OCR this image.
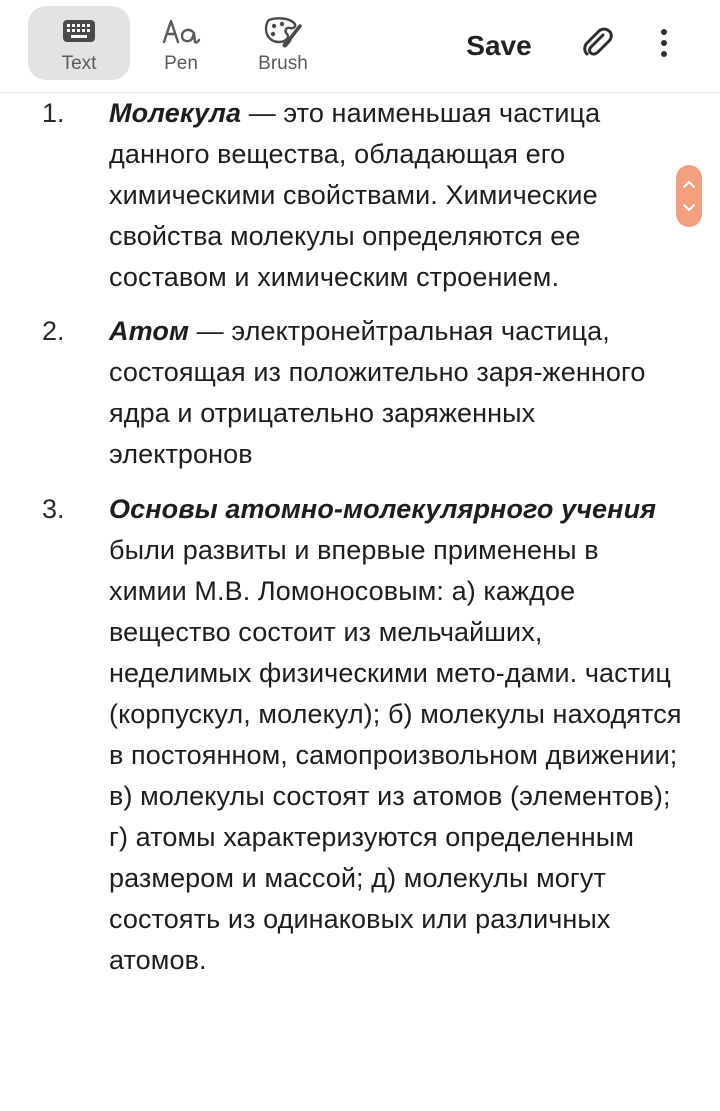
Text	Pen	Brush
Save
1. Молекула — это наименьшая частица данного вещества, обладающая его химическими свойствами. Химические свойства молекулы определяются ее составом и химическим строением.
2. Атом — электронейтральная частица, состоящая из положительно заря-женного ядра и отрицательно заряженных электронов
3. Основы атомно-молекулярного учения были развиты и впервые применены в химии М.В. Ломоносовым: а) каждое вещество состоит из мельчайших, неделимых физическими мето-дами. частиц (корпускул, молекул); б) молекулы находятся в постоянном, самопроизвольном движении; в) молекулы состоят из атомов (элементов); г) атомы характеризуются определенным размером и массой; д) молекулы могут состоять из одинаковых или различных атомов.
